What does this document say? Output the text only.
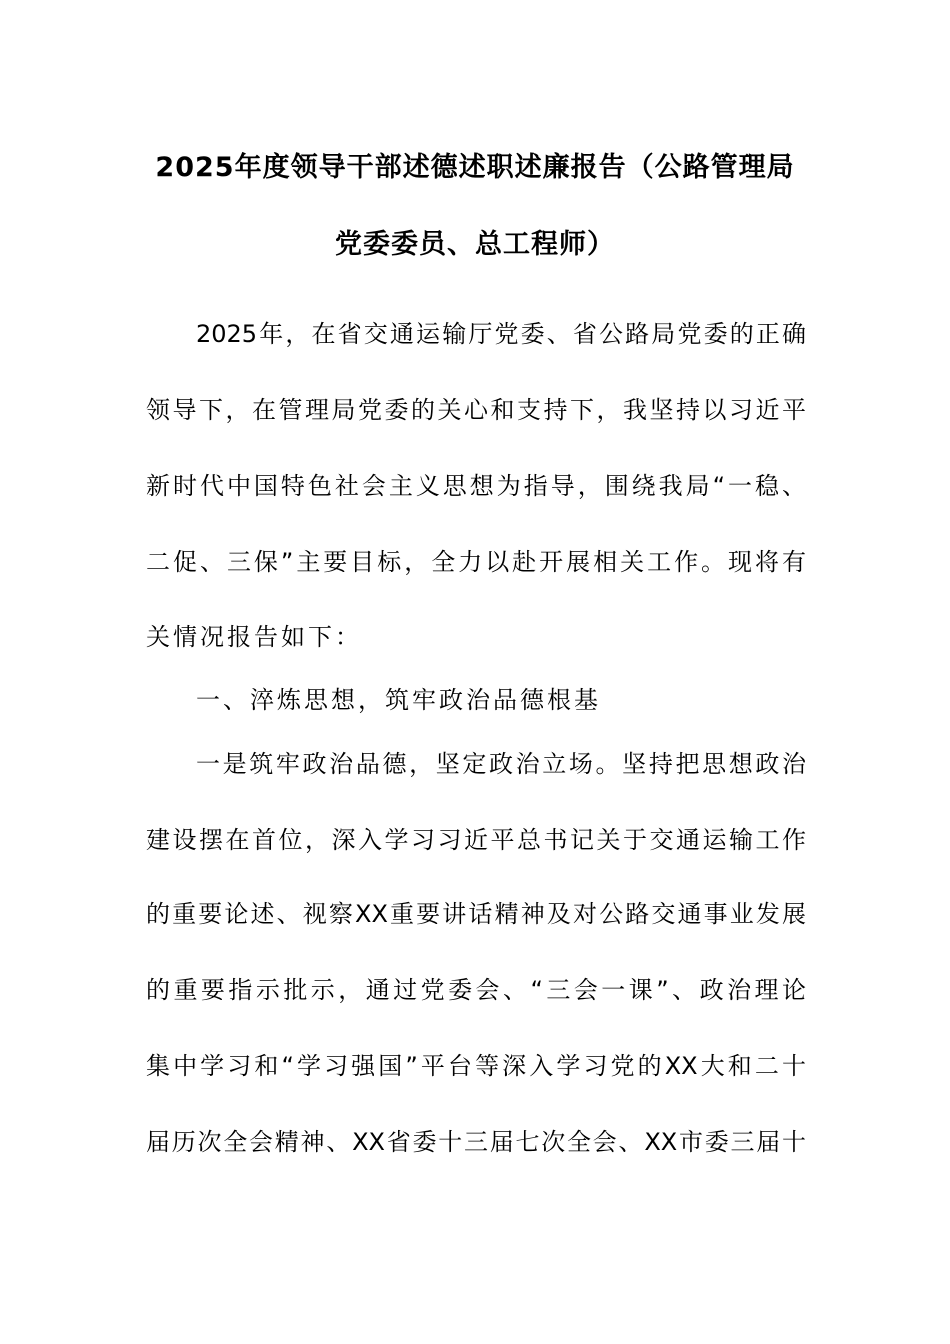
2025年度领导干部述德述职述廉报告（公路管理局
党委委员、总工程师）
2025年，在省交通运输厅党委、省公路局党委的正确
领导下，在管理局党委的关心和支持下，我坚持以习近平
新时代中国特色社会主义思想为指导，围绕我局“一稳、
二促、三保”主要目标，全力以赴开展相关工作。现将有
关情况报告如下：
一、淬炼思想，筑牢政治品德根基
一是筑牢政治品德，坚定政治立场。坚持把思想政治
建设摆在首位，深入学习习近平总书记关于交通运输工作
的重要论述、视察XX重要讲话精神及对公路交通事业发展
的重要指示批示，通过党委会、“三会一课”、政治理论
集中学习和“学习强国”平台等深入学习党的XX大和二十
届历次全会精神、XX省委十三届七次全会、XX市委三届十
